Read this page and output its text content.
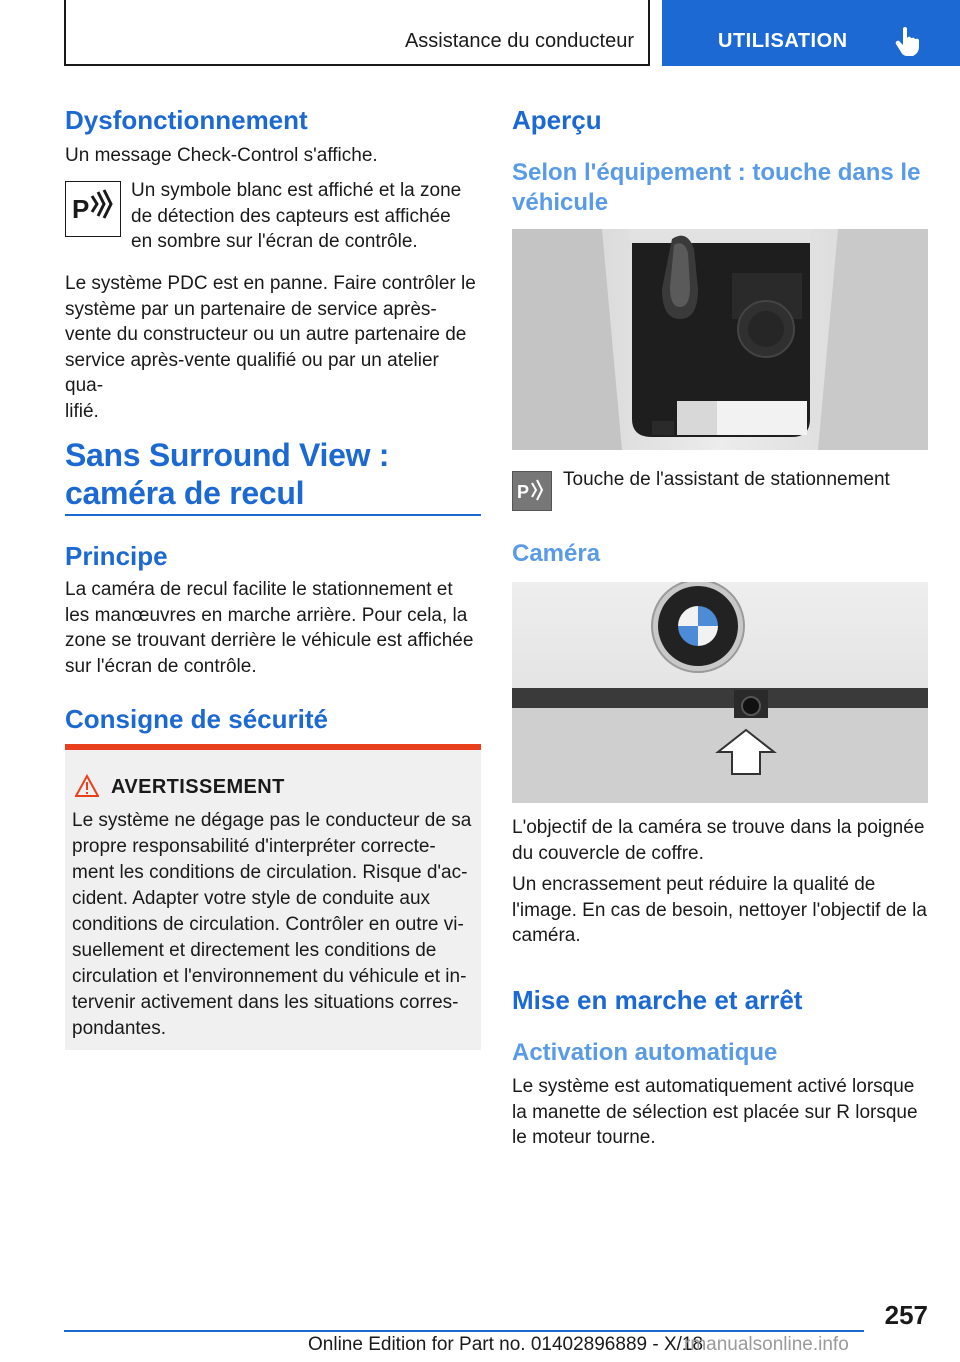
Assistance du conducteur	UTILISATION
Dysfonctionnement
Un message Check-Control s'affiche.
P
Un symbole blanc est affiché et la zone
de détection des capteurs est affichée
en sombre sur l'écran de contrôle.
Le système PDC est en panne. Faire contrôler le
système par un partenaire de service après-
vente du constructeur ou un autre partenaire de
service après-vente qualifié ou par un atelier qua-
lifié.
Sans Surround View :
caméra de recul
Principe
La caméra de recul facilite le stationnement et
les manœuvres en marche arrière. Pour cela, la
zone se trouvant derrière le véhicule est affichée
sur l'écran de contrôle.
Consigne de sécurité
AVERTISSEMENT
Le système ne dégage pas le conducteur de sa
propre responsabilité d'interpréter correcte-
ment les conditions de circulation. Risque d'ac-
cident. Adapter votre style de conduite aux
conditions de circulation. Contrôler en outre vi-
suellement et directement les conditions de
circulation et l'environnement du véhicule et in-
tervenir activement dans les situations corres-
pondantes.
Aperçu
Selon l'équipement : touche dans le
véhicule
P
Touche de l'assistant de stationnement
Caméra
L'objectif de la caméra se trouve dans la poignée
du couvercle de coffre.
Un encrassement peut réduire la qualité de
l'image. En cas de besoin, nettoyer l'objectif de la
caméra.
Mise en marche et arrêt
Activation automatique
Le système est automatiquement activé lorsque
la manette de sélection est placée sur R lorsque
le moteur tourne.
257
Online Edition for Part no. 01402896889 - X/18
rmanualsonline.info
